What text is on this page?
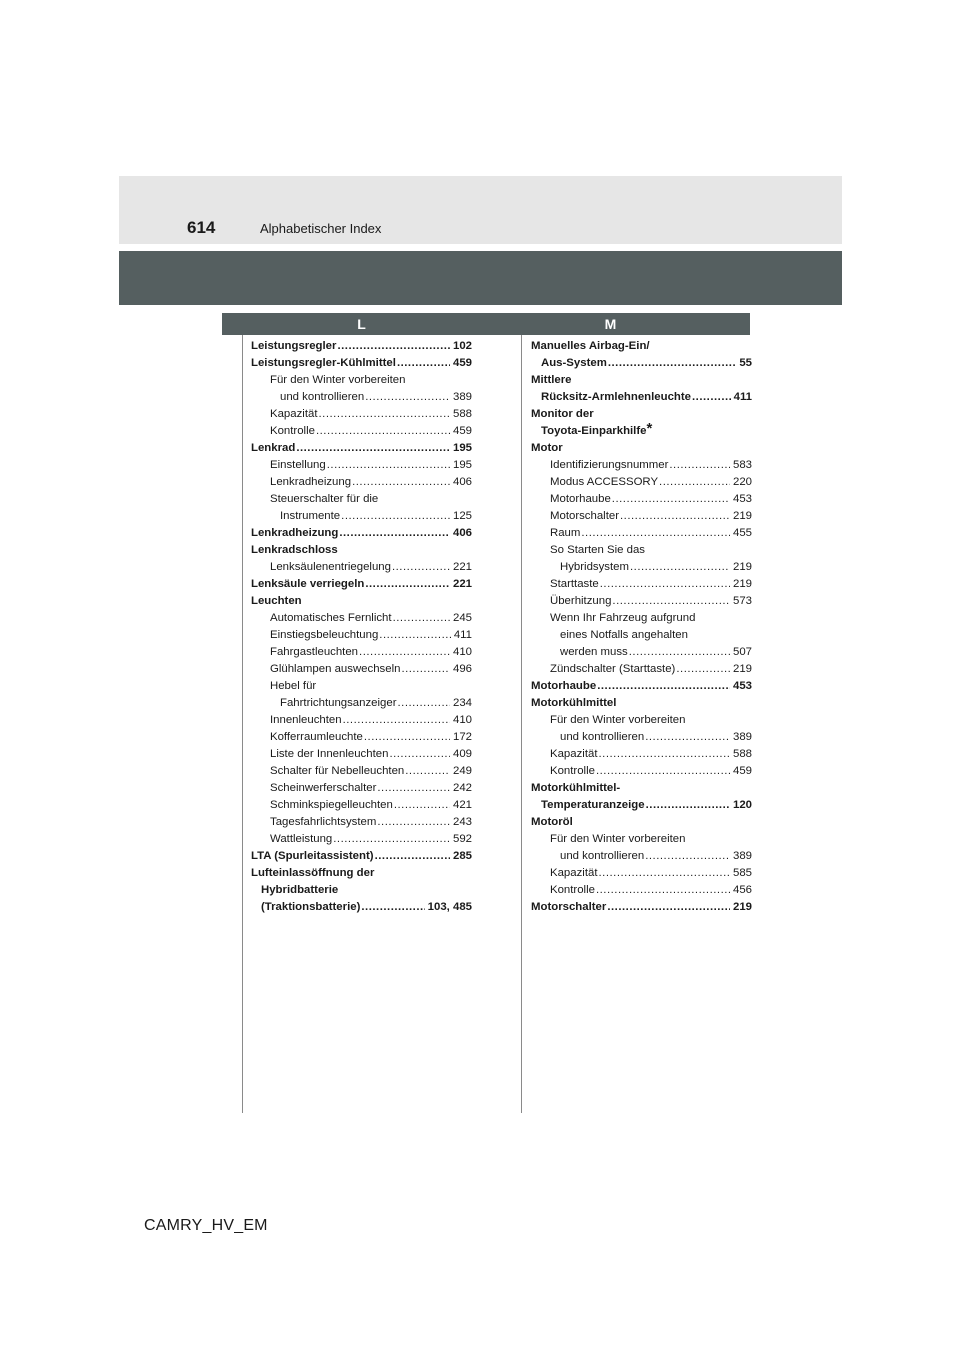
614	Alphabetischer Index
L	M
Leistungsregler .....	102
Leistungsregler-Kühlmittel .....	459
Für den Winter vorbereiten
und kontrollieren .....	389
Kapazität .....	588
Kontrolle .....	459
Lenkrad .....	195
Einstellung .....	195
Lenkradheizung .....	406
Steuerschalter für die
Instrumente .....	125
Lenkradheizung .....	406
Lenkradschloss
Lenksäulenentriegelung .....	221
Lenksäule verriegeln .....	221
Leuchten
Automatisches Fernlicht .....	245
Einstiegsbeleuchtung .....	411
Fahrgastleuchten .....	410
Glühlampen auswechseln .....	496
Hebel für
Fahrtrichtungsanzeiger .....	234
Innenleuchten .....	410
Kofferraumleuchte .....	172
Liste der Innenleuchten .....	409
Schalter für Nebelleuchten .....	249
Scheinwerferschalter .....	242
Schminkspiegelleuchten .....	421
Tagesfahrlichtsystem .....	243
Wattleistung .....	592
LTA (Spurleitassistent) .....	285
Lufteinlassöffnung der
Hybridbatterie
(Traktionsbatterie) .....	103, 485
Manuelles Airbag-Ein/
Aus-System .....	55
Mittlere
Rücksitz-Armlehnenleuchte .....	411
Monitor der
Toyota-Einparkhilfe*
Motor
Identifizierungsnummer .....	583
Modus ACCESSORY .....	220
Motorhaube .....	453
Motorschalter .....	219
Raum .....	455
So Starten Sie das
Hybridsystem .....	219
Starttaste .....	219
Überhitzung .....	573
Wenn Ihr Fahrzeug aufgrund
eines Notfalls angehalten
werden muss .....	507
Zündschalter (Starttaste) .....	219
Motorhaube .....	453
Motorkühlmittel
Für den Winter vorbereiten
und kontrollieren .....	389
Kapazität .....	588
Kontrolle .....	459
Motorkühlmittel-
Temperaturanzeige .....	120
Motoröl
Für den Winter vorbereiten
und kontrollieren .....	389
Kapazität .....	585
Kontrolle .....	456
Motorschalter .....	219
CAMRY_HV_EM
